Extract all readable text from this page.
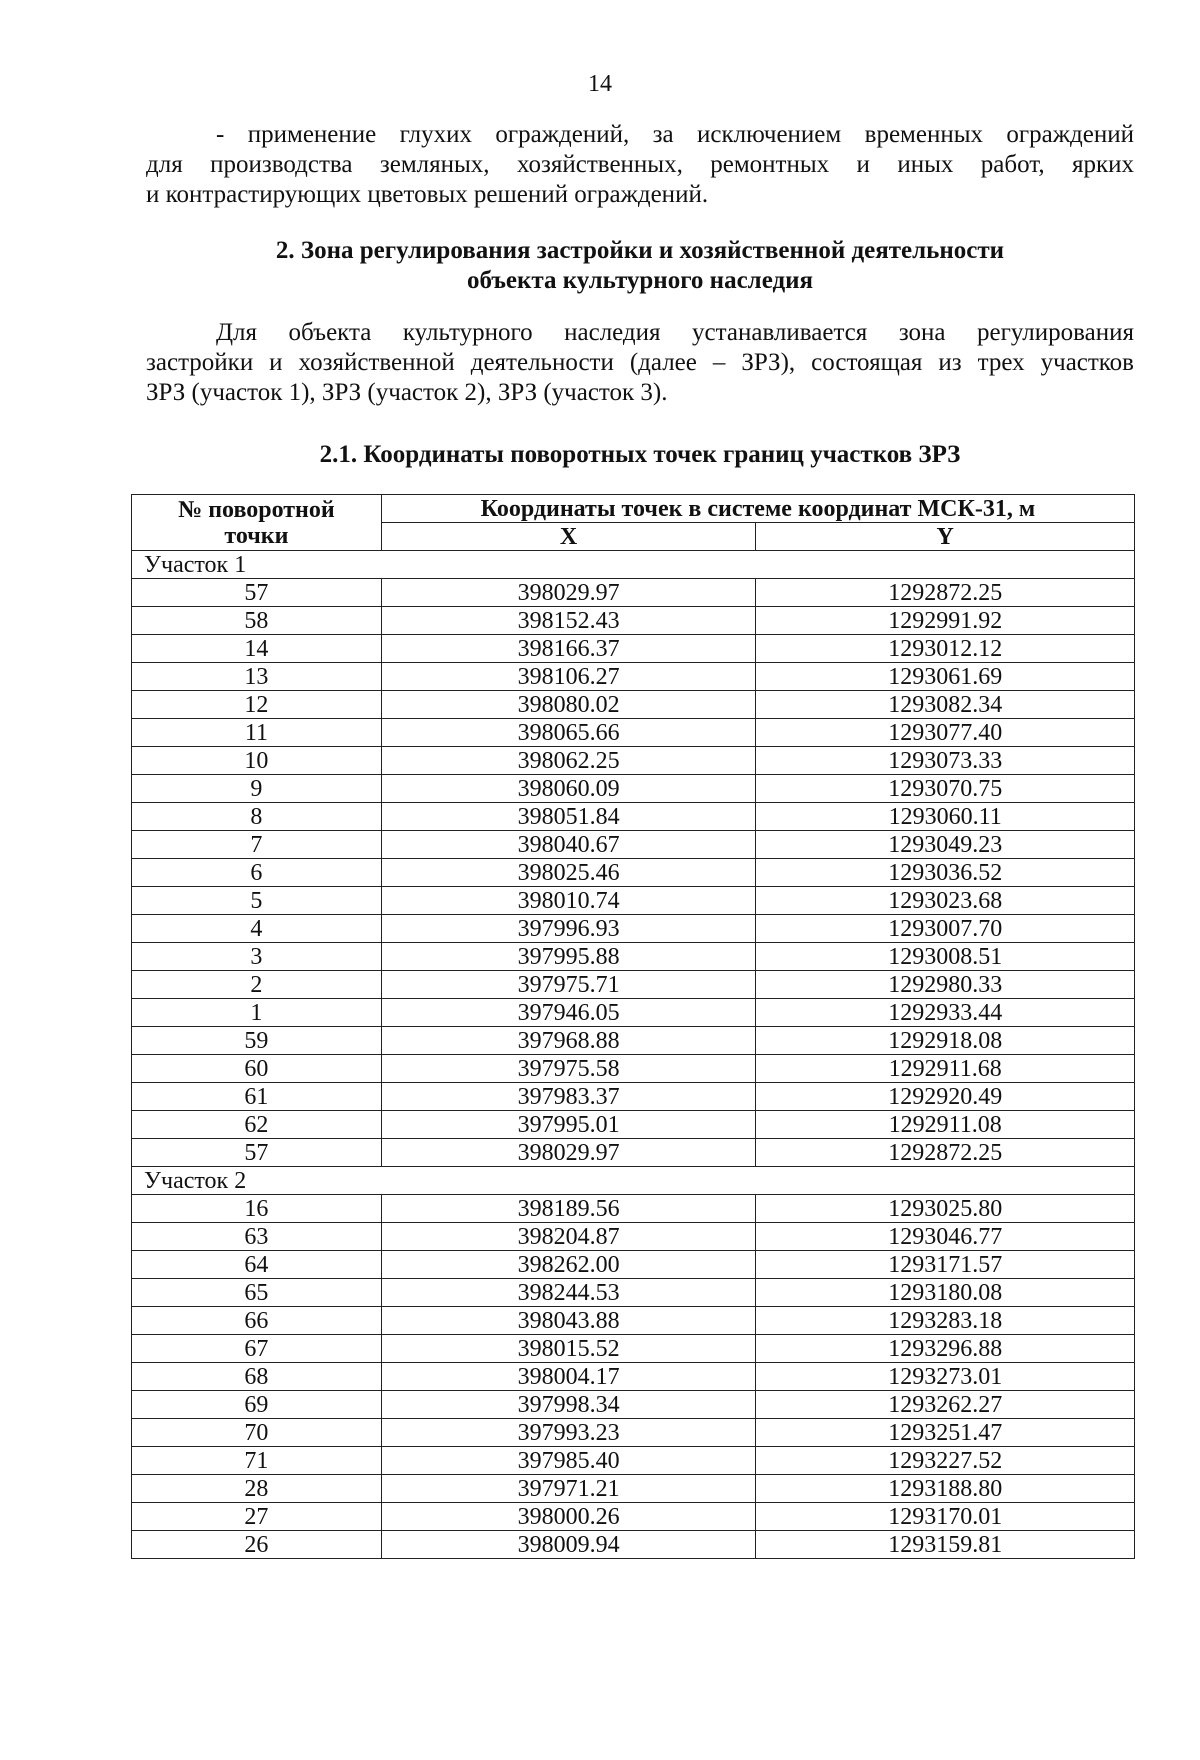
14
- применение глухих ограждений, за исключением временных ограждений
для производства земляных, хозяйственных, ремонтных и иных работ, ярких
и контрастирующих цветовых решений ограждений.
2. Зона регулирования застройки и хозяйственной деятельности
объекта культурного наследия
Для объекта культурного наследия устанавливается зона регулирования
застройки и хозяйственной деятельности (далее – ЗРЗ), состоящая из трех участков
ЗРЗ (участок 1), ЗРЗ (участок 2), ЗРЗ (участок 3).
2.1. Координаты поворотных точек границ участков ЗРЗ
№ поворотной
точки	Координаты точек в системе координат МСК-31, м	
	X	Y
Участок 1		
57	398029.97	1292872.25
58	398152.43	1292991.92
14	398166.37	1293012.12
13	398106.27	1293061.69
12	398080.02	1293082.34
11	398065.66	1293077.40
10	398062.25	1293073.33
9	398060.09	1293070.75
8	398051.84	1293060.11
7	398040.67	1293049.23
6	398025.46	1293036.52
5	398010.74	1293023.68
4	397996.93	1293007.70
3	397995.88	1293008.51
2	397975.71	1292980.33
1	397946.05	1292933.44
59	397968.88	1292918.08
60	397975.58	1292911.68
61	397983.37	1292920.49
62	397995.01	1292911.08
57	398029.97	1292872.25
Участок 2		
16	398189.56	1293025.80
63	398204.87	1293046.77
64	398262.00	1293171.57
65	398244.53	1293180.08
66	398043.88	1293283.18
67	398015.52	1293296.88
68	398004.17	1293273.01
69	397998.34	1293262.27
70	397993.23	1293251.47
71	397985.40	1293227.52
28	397971.21	1293188.80
27	398000.26	1293170.01
26	398009.94	1293159.81
